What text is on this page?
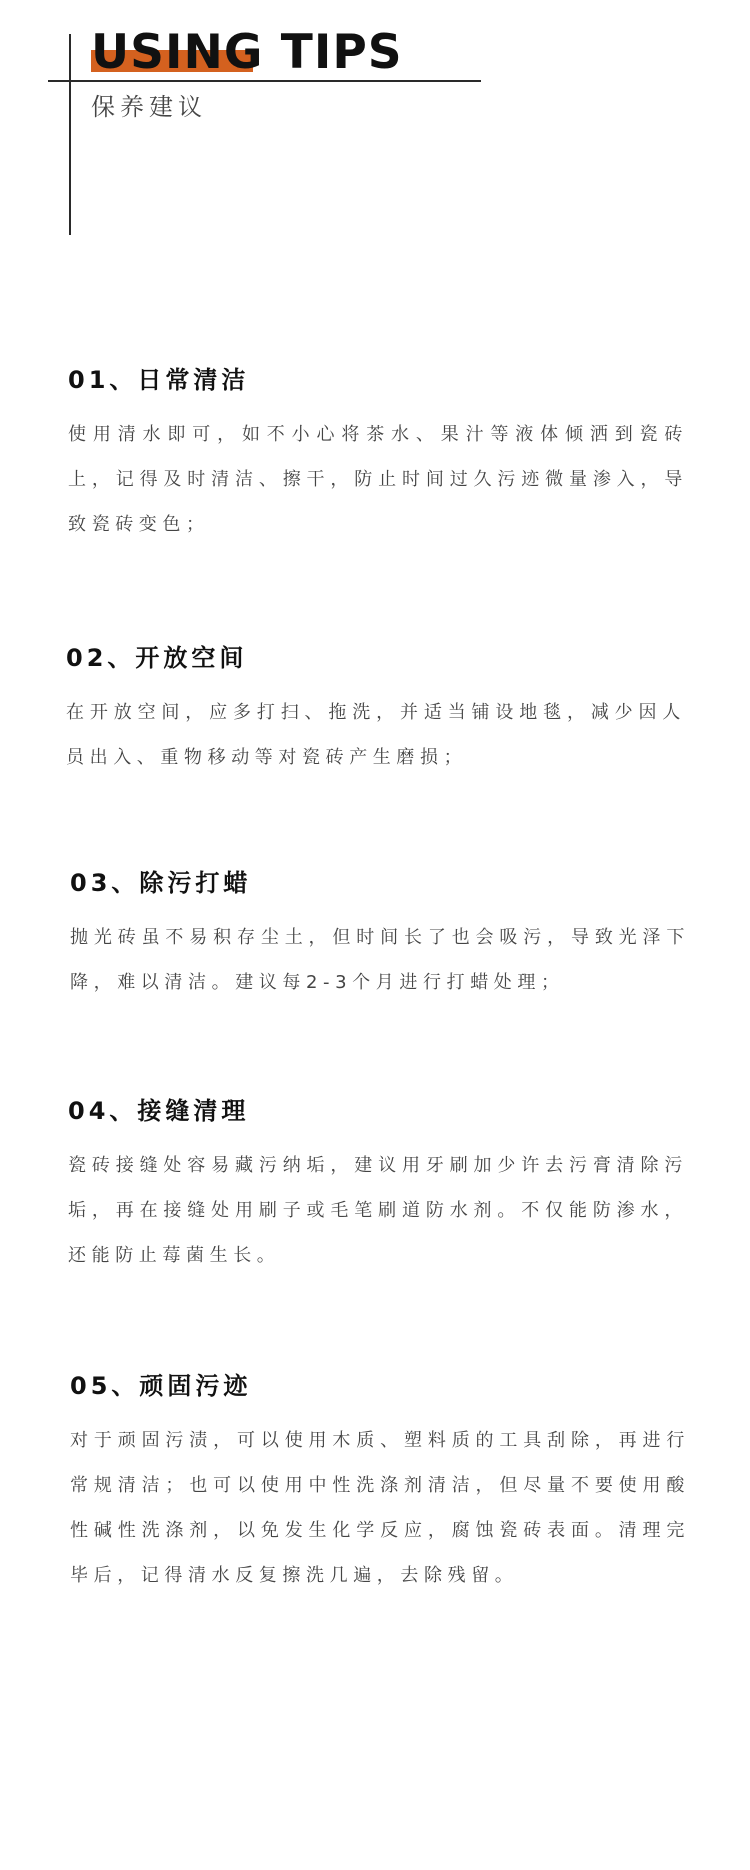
USING TIPS
保养建议
01、日常清洁

使用清水即可，如不小心将茶水、果汁等液体倾洒到瓷砖上，记得及时清洁、擦干，防止时间过久污迹微量渗入，导致瓷砖变色；

02、开放空间

在开放空间，应多打扫、拖洗，并适当铺设地毯，减少因人员出入、重物移动等对瓷砖产生磨损；

03、除污打蜡

抛光砖虽不易积存尘土，但时间长了也会吸污，导致光泽下降，难以清洁。建议每2-3个月进行打蜡处理；

04、接缝清理

瓷砖接缝处容易藏污纳垢，建议用牙刷加少许去污膏清除污垢，再在接缝处用刷子或毛笔刷道防水剂。不仅能防渗水，还能防止莓菌生长。

05、顽固污迹

对于顽固污渍，可以使用木质、塑料质的工具刮除，再进行常规清洁；也可以使用中性洗涤剂清洁，但尽量不要使用酸性碱性洗涤剂，以免发生化学反应，腐蚀瓷砖表面。清理完毕后，记得清水反复擦洗几遍，去除残留。
